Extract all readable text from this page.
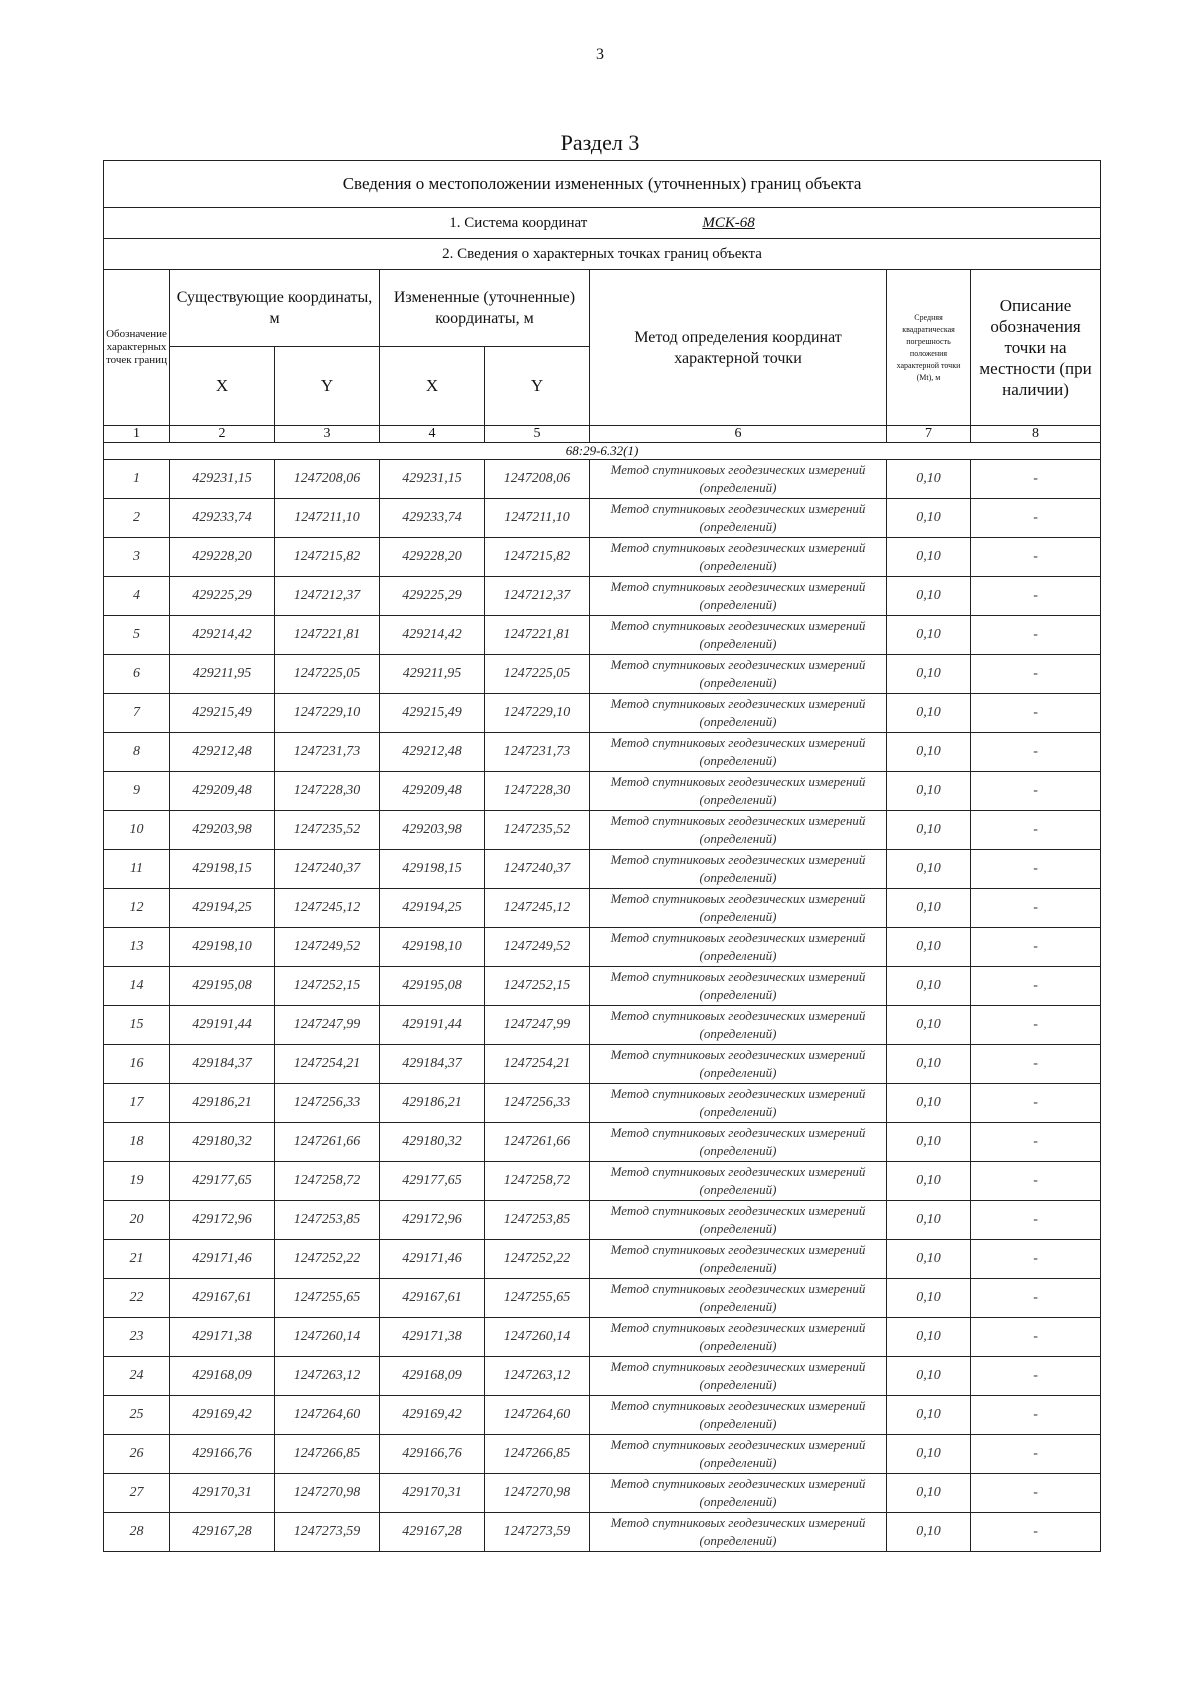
3
Раздел 3
Сведения о местоположении измененных (уточненных) границ объекта							
1. Система координат МСК-68							
2. Сведения о характерных точках границ объекта							
Обозначение характерных точек границ	Существующие координаты, м		Измененные (уточненные) координаты, м		Метод определения координат характерной точки	Средняя квадратическая погрешность положения характерной точки (Mt), м	Описание обозначения точки на местности (при наличии)
	X	Y	X	Y			
1	2	3	4	5	6	7	8
68:29-6.32(1)							
1	429231,15	1247208,06	429231,15	1247208,06	Метод спутниковых геодезических измерений (определений)	0,10	-
2	429233,74	1247211,10	429233,74	1247211,10	Метод спутниковых геодезических измерений (определений)	0,10	-
3	429228,20	1247215,82	429228,20	1247215,82	Метод спутниковых геодезических измерений (определений)	0,10	-
4	429225,29	1247212,37	429225,29	1247212,37	Метод спутниковых геодезических измерений (определений)	0,10	-
5	429214,42	1247221,81	429214,42	1247221,81	Метод спутниковых геодезических измерений (определений)	0,10	-
6	429211,95	1247225,05	429211,95	1247225,05	Метод спутниковых геодезических измерений (определений)	0,10	-
7	429215,49	1247229,10	429215,49	1247229,10	Метод спутниковых геодезических измерений (определений)	0,10	-
8	429212,48	1247231,73	429212,48	1247231,73	Метод спутниковых геодезических измерений (определений)	0,10	-
9	429209,48	1247228,30	429209,48	1247228,30	Метод спутниковых геодезических измерений (определений)	0,10	-
10	429203,98	1247235,52	429203,98	1247235,52	Метод спутниковых геодезических измерений (определений)	0,10	-
11	429198,15	1247240,37	429198,15	1247240,37	Метод спутниковых геодезических измерений (определений)	0,10	-
12	429194,25	1247245,12	429194,25	1247245,12	Метод спутниковых геодезических измерений (определений)	0,10	-
13	429198,10	1247249,52	429198,10	1247249,52	Метод спутниковых геодезических измерений (определений)	0,10	-
14	429195,08	1247252,15	429195,08	1247252,15	Метод спутниковых геодезических измерений (определений)	0,10	-
15	429191,44	1247247,99	429191,44	1247247,99	Метод спутниковых геодезических измерений (определений)	0,10	-
16	429184,37	1247254,21	429184,37	1247254,21	Метод спутниковых геодезических измерений (определений)	0,10	-
17	429186,21	1247256,33	429186,21	1247256,33	Метод спутниковых геодезических измерений (определений)	0,10	-
18	429180,32	1247261,66	429180,32	1247261,66	Метод спутниковых геодезических измерений (определений)	0,10	-
19	429177,65	1247258,72	429177,65	1247258,72	Метод спутниковых геодезических измерений (определений)	0,10	-
20	429172,96	1247253,85	429172,96	1247253,85	Метод спутниковых геодезических измерений (определений)	0,10	-
21	429171,46	1247252,22	429171,46	1247252,22	Метод спутниковых геодезических измерений (определений)	0,10	-
22	429167,61	1247255,65	429167,61	1247255,65	Метод спутниковых геодезических измерений (определений)	0,10	-
23	429171,38	1247260,14	429171,38	1247260,14	Метод спутниковых геодезических измерений (определений)	0,10	-
24	429168,09	1247263,12	429168,09	1247263,12	Метод спутниковых геодезических измерений (определений)	0,10	-
25	429169,42	1247264,60	429169,42	1247264,60	Метод спутниковых геодезических измерений (определений)	0,10	-
26	429166,76	1247266,85	429166,76	1247266,85	Метод спутниковых геодезических измерений (определений)	0,10	-
27	429170,31	1247270,98	429170,31	1247270,98	Метод спутниковых геодезических измерений (определений)	0,10	-
28	429167,28	1247273,59	429167,28	1247273,59	Метод спутниковых геодезических измерений (определений)	0,10	-
